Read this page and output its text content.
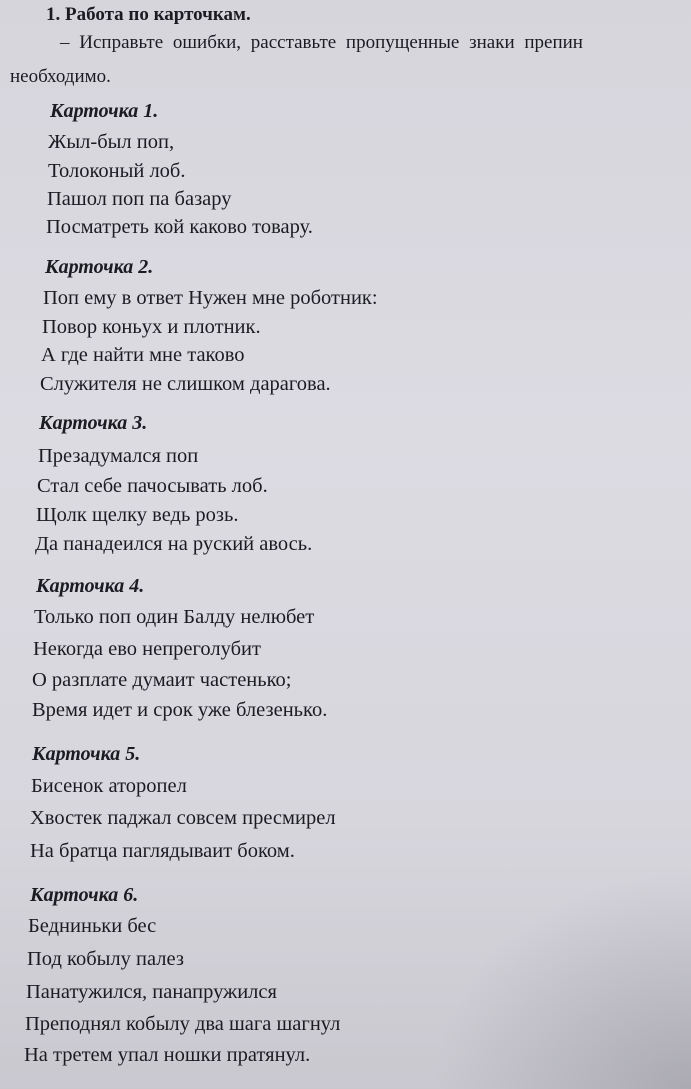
1. Работа по карточкам.
– Исправьте ошибки, расставьте пропущенные знаки препин
необходимо.
Карточка 1.
Жыл-был поп,
Толоконый лоб.
Пашол поп па базару
Посматреть кой каково товару.
Карточка 2.
Поп ему в ответ Нужен мне роботник:
Повор коньух и плотник.
А где найти мне таково
Служителя не слишком дарагова.
Карточка 3.
Презадумался поп
Стал себе пачосывать лоб.
Щолк щелку ведь розь.
Да панадеился на руский авось.
Карточка 4.
Только поп один Балду нелюбет
Некогда ево непреголубит
О разплате думаит частенько;
Время идет и срок уже блезенько.
Карточка 5.
Бисенок аторопел
Хвостек паджал совсем пресмирел
На братца паглядываит боком.
Карточка 6.
Бедниньки бес
Под кобылу палез
Панатужился, панапружился
Преподнял кобылу два шага шагнул
На третем упал ношки пратянул.
